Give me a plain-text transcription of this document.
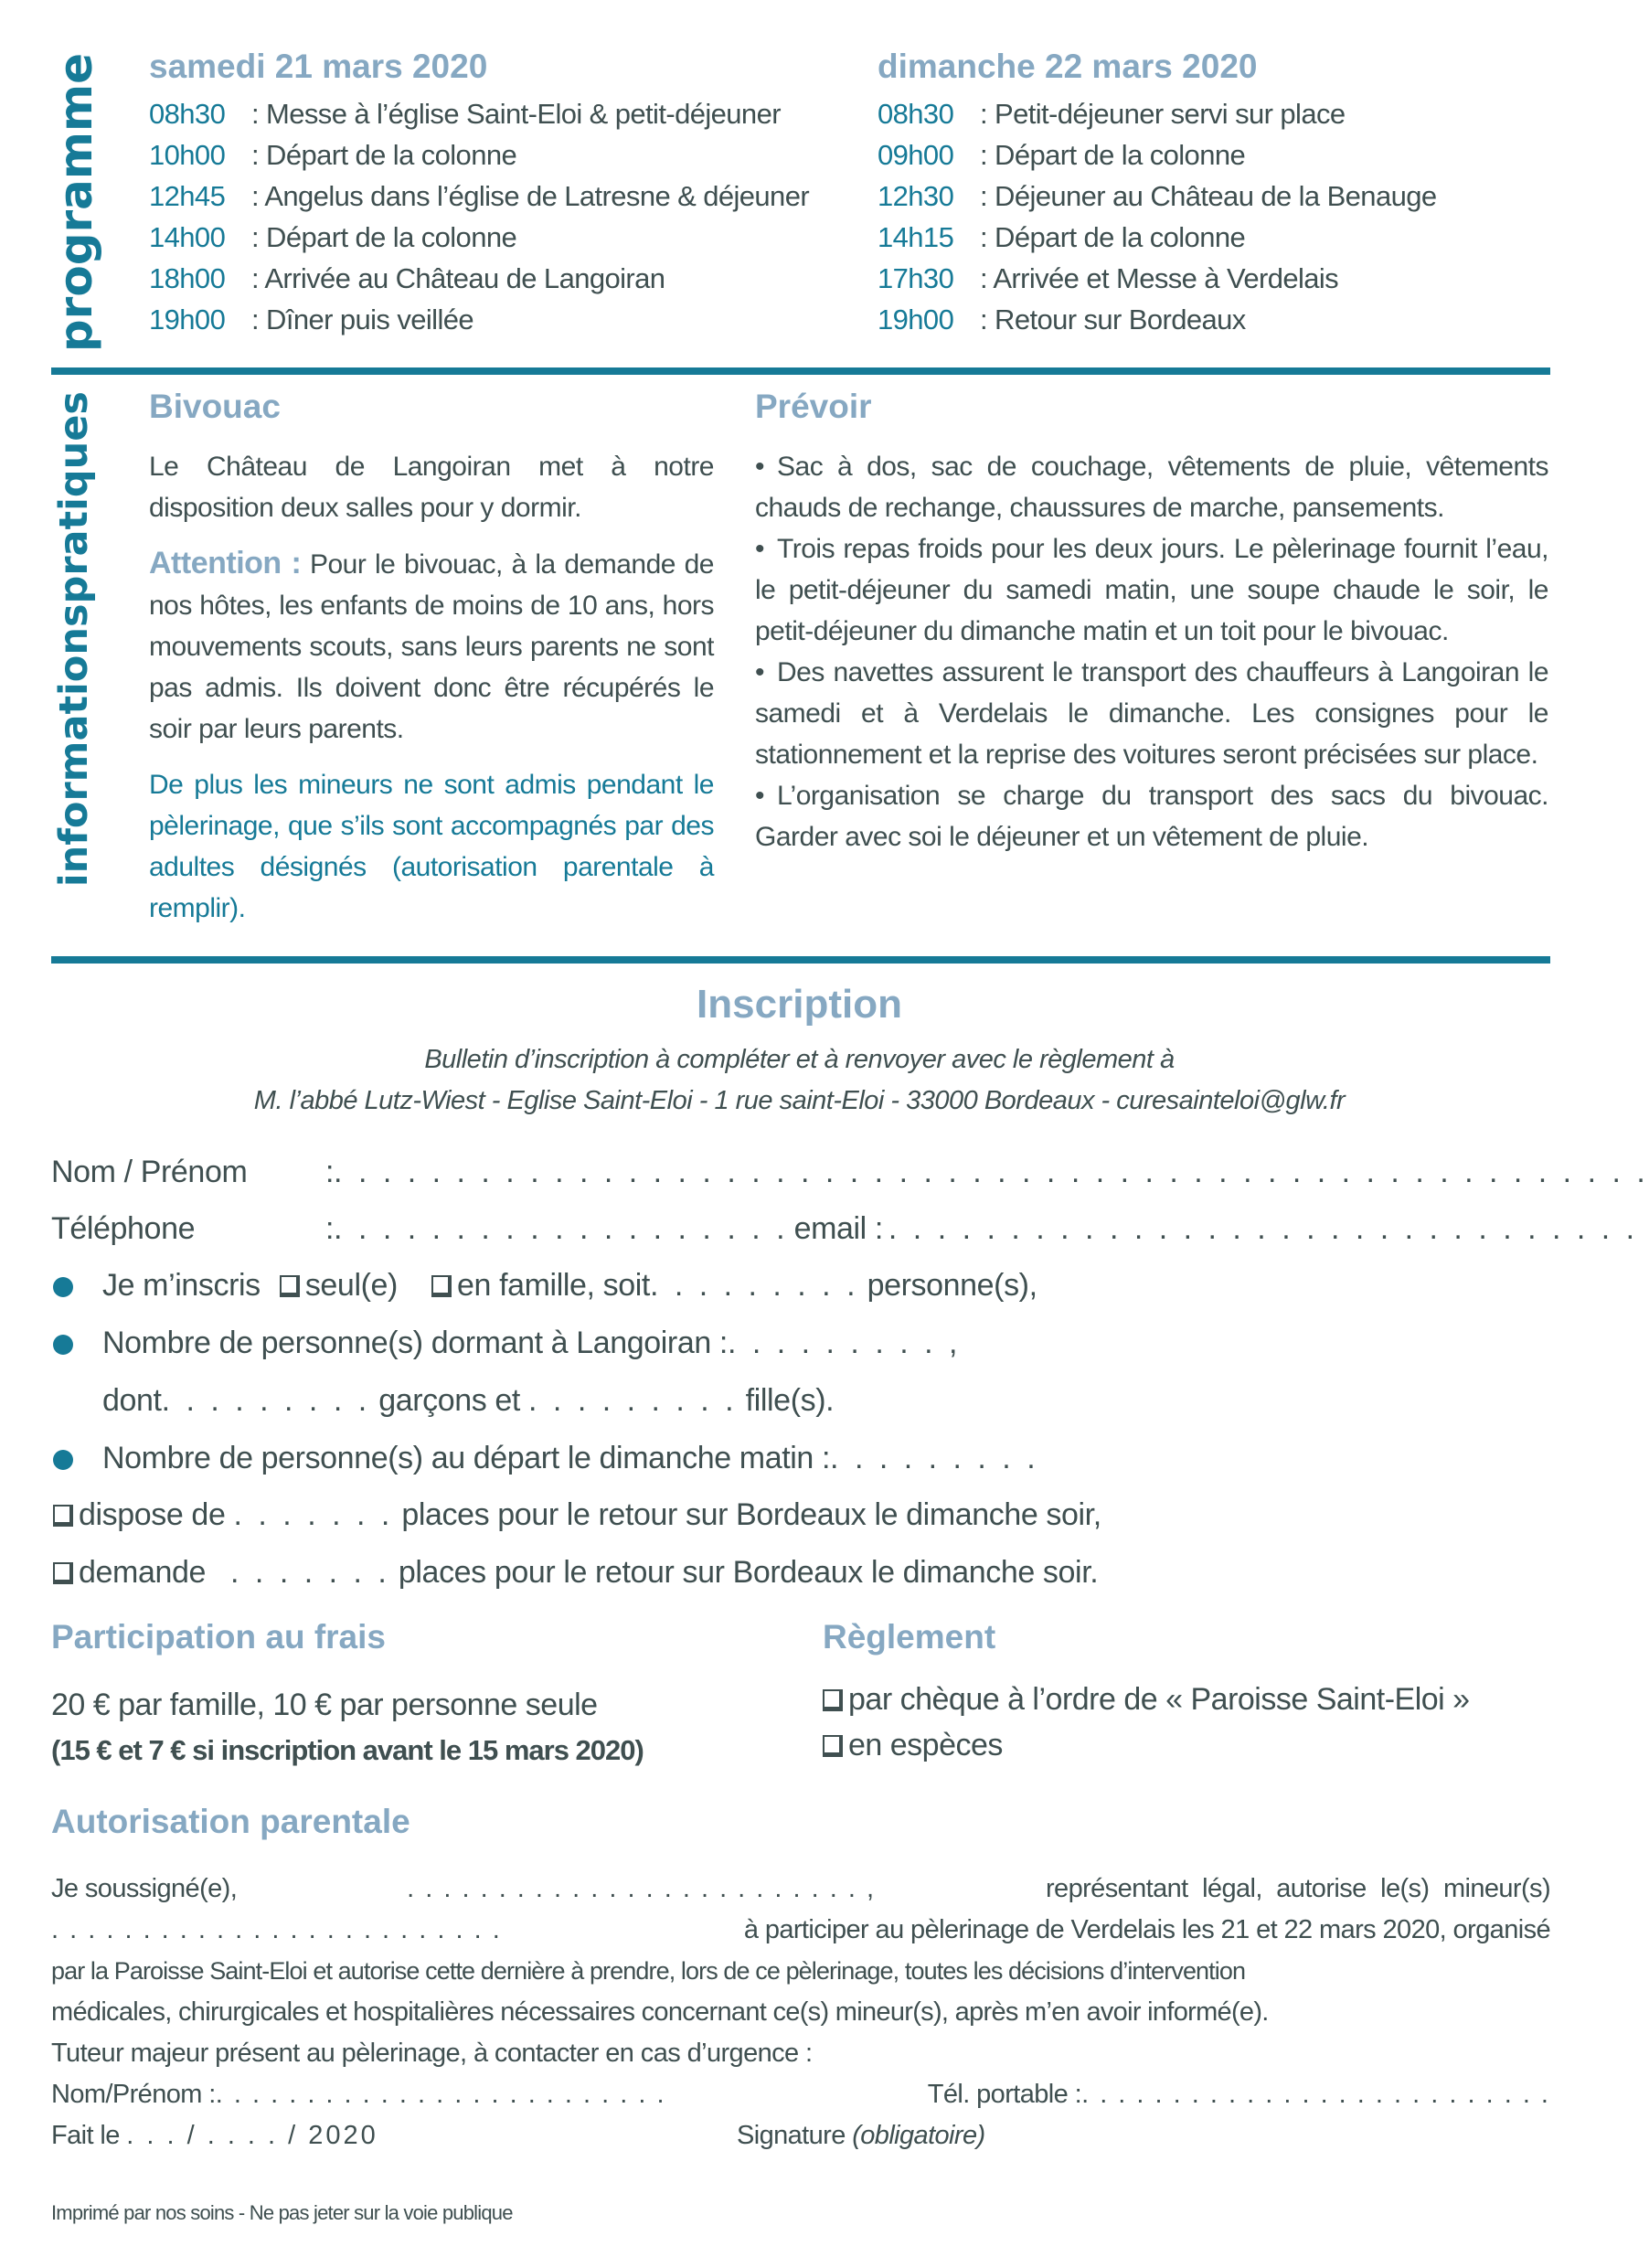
programme samedi 21 mars 2020
08h30 : Messe à l’église Saint-Eloi & petit-déjeuner
10h00 : Départ de la colonne
12h45 : Angelus dans l’église de Latresne & déjeuner
14h00 : Départ de la colonne
18h00 : Arrivée au Château de Langoiran
19h00 : Dîner puis veillée
dimanche 22 mars 2020
08h30 : Petit-déjeuner servi sur place
09h00 : Départ de la colonne
12h30 : Déjeuner au Château de la Benauge
14h15 : Départ de la colonne
17h30 : Arrivée et Messe à Verdelais
19h00 : Retour sur Bordeaux
informationspratiques Bivouac

Le Château de Langoiran met à notre disposition deux salles pour y dormir.

Attention : Pour le bivouac, à la demande de nos hôtes, les enfants de moins de 10 ans, hors mouvements scouts, sans leurs parents ne sont pas admis. Ils doivent donc être récupérés le soir par leurs parents.

De plus les mineurs ne sont admis pendant le pèlerinage, que s’ils sont accompagnés par des adultes désignés (autorisation parentale à remplir).

Prévoir

• Sac à dos, sac de couchage, vêtements de pluie, vêtements chauds de rechange, chaussures de marche, pansements.

• Trois repas froids pour les deux jours. Le pèlerinage fournit l’eau, le petit-déjeuner du samedi matin, une soupe chaude le soir, le petit-déjeuner du dimanche matin et un toit pour le bivouac.

• Des navettes assurent le transport des chauffeurs à Langoiran le samedi et à Verdelais le dimanche. Les consignes pour le stationnement et la reprise des voitures seront précisées sur place.

• L’organisation se charge du transport des sacs du bivouac. Garder avec soi le déjeuner et un vêtement de pluie.

Inscription
Bulletin d’inscription à compléter et à renvoyer avec le règlement à
M. l’abbé Lutz-Wiest - Eglise Saint-Eloi - 1 rue saint-Eloi - 33000 Bordeaux - curesainteloi@glw.fr
Nom / Prénom	: . . . . . . . . . . . . . . . . . . . . . . . . . . . . . . . . . . . . . . . . . . . . . . . . . . . . . .
Téléphone	: . . . . . . . . . . . . . . . . . . . email : . . . . . . . . . . . . . . . . . . . . . . . . . . . . . . .
Je m’inscris seul(e) en famille, soit. . . . . . . . . personne(s),
Nombre de personne(s) dormant à Langoiran :. . . . . . . . . ,
dont. . . . . . . . . garçons et . . . . . . . . . fille(s).
Nombre de personne(s) au départ le dimanche matin :. . . . . . . . .
dispose de . . . . . . . places pour le retour sur Bordeaux le dimanche soir,
demande . . . . . . . places pour le retour sur Bordeaux le dimanche soir.
Participation au frais
20 € par famille, 10 € par personne seule
(15 € et 7 € si inscription avant le 15 mars 2020)
Règlement
par chèque à l’ordre de « Paroisse Saint-Eloi »
en espèces
Autorisation parentale
Je soussigné(e),	. . . . . . . . . . . . . . . . . . . . . . . . . ,	représentant légal, autorise le(s) mineur(s)
. . . . . . . . . . . . . . . . . . . . . . . . .	à participer au pèlerinage de Verdelais les 21 et 22 mars 2020, organisé
par la Paroisse Saint-Eloi et autorise cette dernière à prendre, lors de ce pèlerinage, toutes les décisions d’intervention
médicales, chirurgicales et hospitalières nécessaires concernant ce(s) mineur(s), après m’en avoir informé(e).
Tuteur majeur présent au pèlerinage, à contacter en cas d’urgence :
Nom/Prénom :. . . . . . . . . . . . . . . . . . . . . . . . .	Tél. portable :. . . . . . . . . . . . . . . . . . . . . . . . . .
Fait le . . . / . . . . / 2020	Signature (obligatoire)
Imprimé par nos soins - Ne pas jeter sur la voie publique
